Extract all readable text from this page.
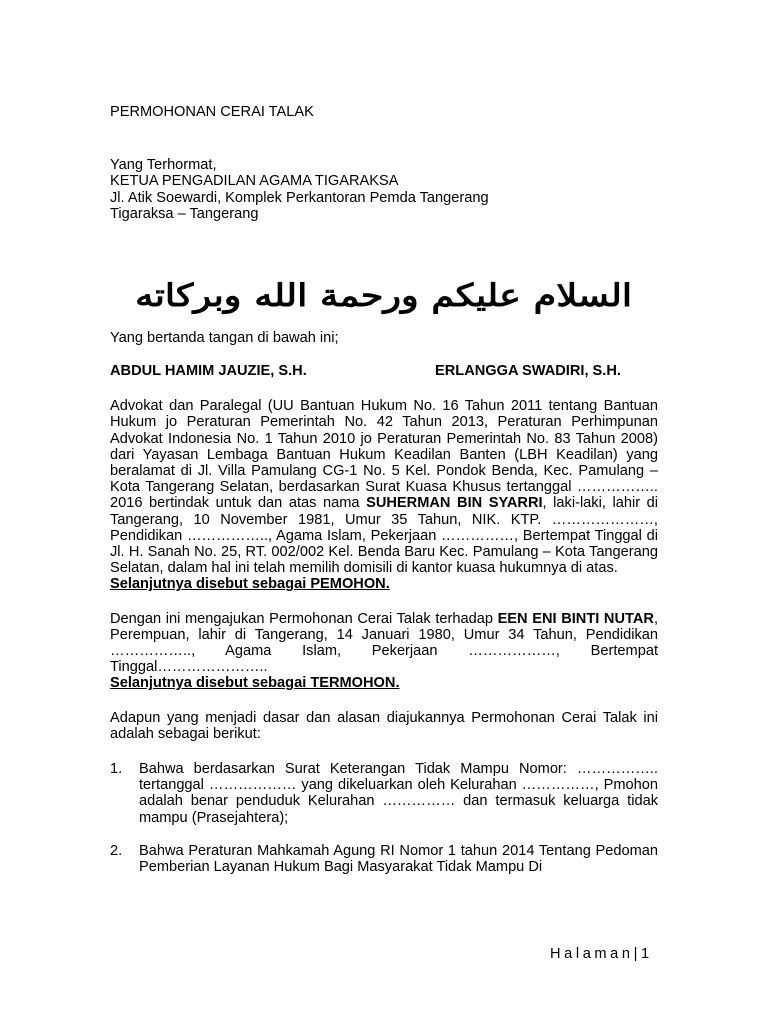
PERMOHONAN CERAI TALAK
Yang Terhormat,
KETUA PENGADILAN AGAMA TIGARAKSA
Jl. Atik Soewardi, Komplek Perkantoran Pemda Tangerang
Tigaraksa – Tangerang
السلام عليكم ورحمة الله وبركاته

Yang bertanda tangan di bawah ini;

ABDUL HAMIM JAUZIE, S.H.	ERLANGGA SWADIRI, S.H.

Advokat dan Paralegal (UU Bantuan Hukum No. 16 Tahun 2011 tentang Bantuan Hukum jo Peraturan Pemerintah No. 42 Tahun 2013, Peraturan Perhimpunan Advokat Indonesia No. 1 Tahun 2010 jo Peraturan Pemerintah No. 83 Tahun 2008) dari Yayasan Lembaga Bantuan Hukum Keadilan Banten (LBH Keadilan) yang beralamat di Jl. Villa Pamulang CG-1 No. 5 Kel. Pondok Benda, Kec. Pamulang – Kota Tangerang Selatan, berdasarkan Surat Kuasa Khusus tertanggal …………….. 2016 bertindak untuk dan atas nama SUHERMAN BIN SYARRI, laki-laki, lahir di Tangerang, 10 November 1981, Umur 35 Tahun, NIK. KTP. …………………, Pendidikan …………….., Agama Islam, Pekerjaan ……………, Bertempat Tinggal di Jl. H. Sanah No. 25, RT. 002/002 Kel. Benda Baru Kec. Pamulang – Kota Tangerang Selatan, dalam hal ini telah memilih domisili di kantor kuasa hukumnya di atas.
Selanjutnya disebut sebagai PEMOHON.

Dengan ini mengajukan Permohonan Cerai Talak terhadap EEN ENI BINTI NUTAR, Perempuan, lahir di Tangerang, 14 Januari 1980, Umur 34 Tahun, Pendidikan …………….., Agama Islam, Pekerjaan ………………, Bertempat Tinggal…………………..
Selanjutnya disebut sebagai TERMOHON.

Adapun yang menjadi dasar dan alasan diajukannya Permohonan Cerai Talak ini adalah sebagai berikut:

1. Bahwa berdasarkan Surat Keterangan Tidak Mampu Nomor: …………….. tertanggal ……………… yang dikeluarkan oleh Kelurahan ……………, Pmohon adalah benar penduduk Kelurahan …………… dan termasuk keluarga tidak mampu (Prasejahtera);
2. Bahwa Peraturan Mahkamah Agung RI Nomor 1 tahun 2014 Tentang Pedoman Pemberian Layanan Hukum Bagi Masyarakat Tidak Mampu Di
Halaman|1
